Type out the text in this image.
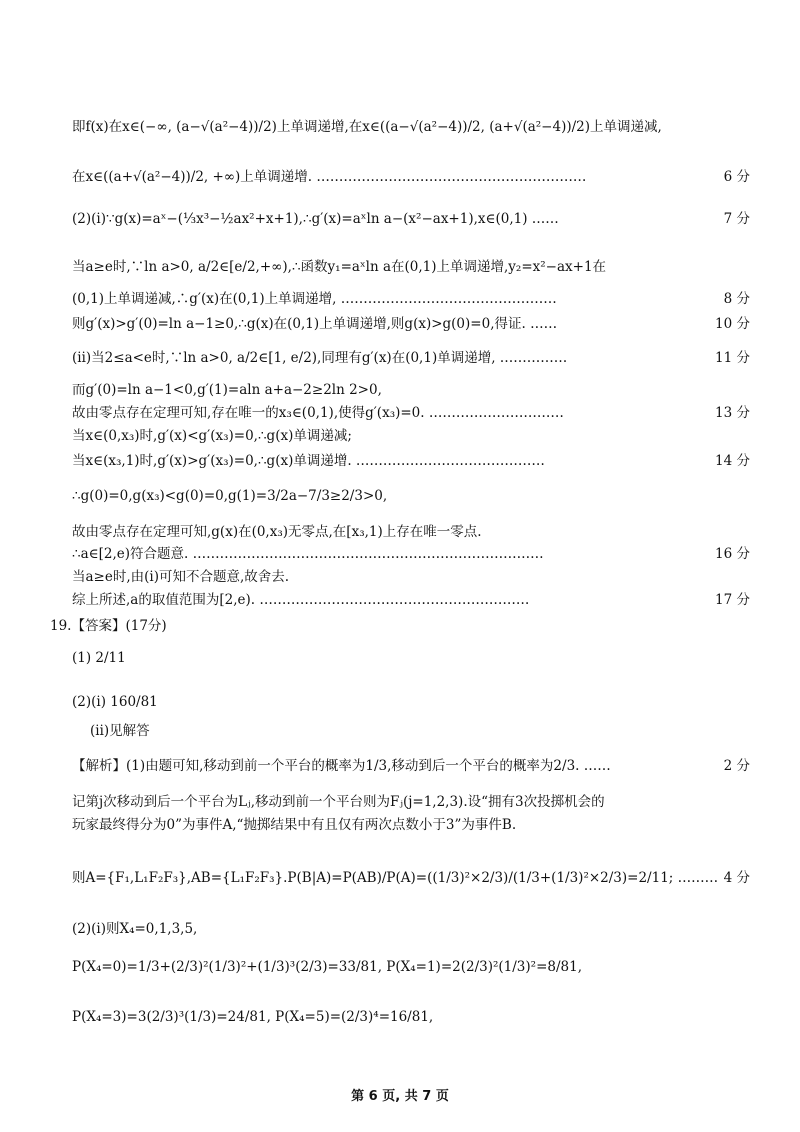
即f(x)在x∈(−∞, (a−√(a²−4))/2)上单调递增,在x∈((a−√(a²−4))/2, (a+√(a²−4))/2)上单调递减,
在x∈((a+√(a²−4))/2, +∞)上单调递增. ……………………………………………………	6 分
(2)(ⅰ)∵g(x)=aˣ−(⅓x³−½ax²+x+1),∴g′(x)=aˣln a−(x²−ax+1),x∈(0,1) ……	7 分
当a≥e时,∵ln a>0, a/2∈[e/2,+∞),∴函数y₁=aˣln a在(0,1)上单调递增,y₂=x²−ax+1在
(0,1)上单调递减,∴g′(x)在(0,1)上单调递增, …………………………………………	8 分
则g′(x)>g′(0)=ln a−1≥0,∴g(x)在(0,1)上单调递增,则g(x)>g(0)=0,得证. ……	10 分
(ⅱ)当2≤a<e时,∵ln a>0, a/2∈[1, e/2),同理有g′(x)在(0,1)单调递增, ……………	11 分
而g′(0)=ln a−1<0,g′(1)=aln a+a−2≥2ln 2>0,
故由零点存在定理可知,存在唯一的x₃∈(0,1),使得g′(x₃)=0. …………………………	13 分
当x∈(0,x₃)时,g′(x)<g′(x₃)=0,∴g(x)单调递减;
当x∈(x₃,1)时,g′(x)>g′(x₃)=0,∴g(x)单调递增. ……………………………………	14 分
∴g(0)=0,g(x₃)<g(0)=0,g(1)=3/2a−7/3≥2/3>0,
故由零点存在定理可知,g(x)在(0,x₃)无零点,在[x₃,1)上存在唯一零点.
∴a∈[2,e)符合题意. ……………………………………………………………………	16 分
当a≥e时,由(ⅰ)可知不合题意,故舍去.
综上所述,a的取值范围为[2,e). ……………………………………………………	17 分
19.【答案】(17分)
(1) 2/11
(2)(ⅰ) 160/81
(ⅱ)见解答
【解析】(1)由题可知,移动到前一个平台的概率为1/3,移动到后一个平台的概率为2/3. ……	2 分
记第j次移动到后一个平台为Lⱼ,移动到前一个平台则为Fⱼ(j=1,2,3).设“拥有3次投掷机会的
玩家最终得分为0”为事件A,“抛掷结果中有且仅有两次点数小于3”为事件B.
则A={F₁,L₁F₂F₃},AB={L₁F₂F₃}.P(B|A)=P(AB)/P(A)=((1/3)²×2/3)/(1/3+(1/3)²×2/3)=2/11; ……… 4 分
(2)(ⅰ)则X₄=0,1,3,5,
P(X₄=0)=1/3+(2/3)²(1/3)²+(1/3)³(2/3)=33/81, P(X₄=1)=2(2/3)²(1/3)²=8/81,
P(X₄=3)=3(2/3)³(1/3)=24/81, P(X₄=5)=(2/3)⁴=16/81,
第 6 页, 共 7 页
